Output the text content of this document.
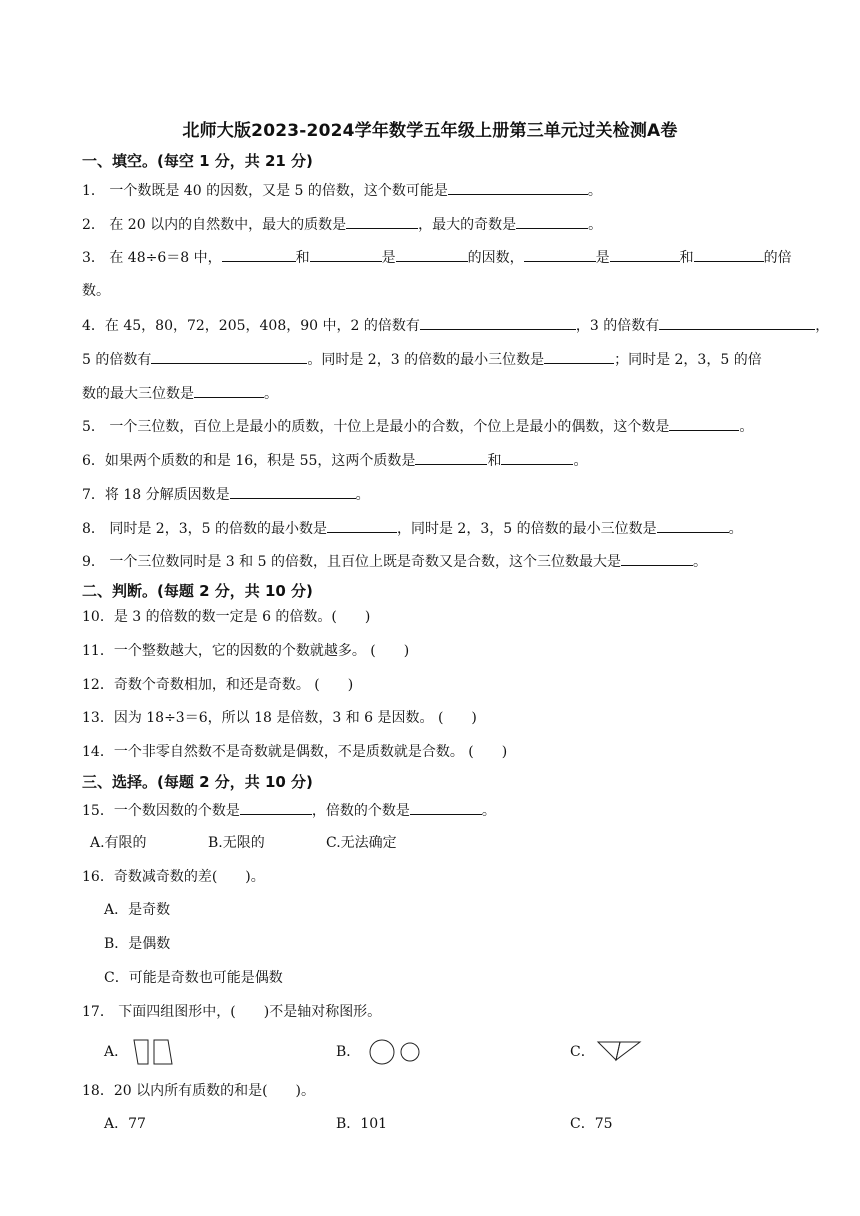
北师大版2023-2024学年数学五年级上册第三单元过关检测A卷
一、填空。(每空 1 分，共 21 分)
1． 一个数既是 40 的因数，又是 5 的倍数，这个数可能是	。
2． 在 20 以内的自然数中，最大的质数是	，最大的奇数是	。
3． 在 48÷6＝8 中，	和	是	的因数，	是	和	的倍
数。
4．在 45，80，72，205，408，90 中，2 的倍数有	，3 的倍数有	，
5 的倍数有	。同时是 2，3 的倍数的最小三位数是	；同时是 2，3，5 的倍
数的最大三位数是	。
5． 一个三位数，百位上是最小的质数，十位上是最小的合数，个位上是最小的偶数，这个数是	。
6．如果两个质数的和是 16，积是 55，这两个质数是	和	。
7．将 18 分解质因数是	。
8． 同时是 2，3，5 的倍数的最小数是	，同时是 2，3，5 的倍数的最小三位数是	。
9． 一个三位数同时是 3 和 5 的倍数，且百位上既是奇数又是合数，这个三位数最大是	。
二、判断。(每题 2 分，共 10 分)
10．是 3 的倍数的数一定是 6 的倍数。(　　)
11．一个整数越大，它的因数的个数就越多。 (　　)
12．奇数个奇数相加，和还是奇数。 (　　)
13．因为 18÷3＝6，所以 18 是倍数，3 和 6 是因数。 (　　)
14．一个非零自然数不是奇数就是偶数，不是质数就是合数。 (　　)
三、选择。(每题 2 分，共 10 分)
15．一个数因数的个数是	，倍数的个数是	。
A.有限的	B.无限的	C.无法确定
16．奇数减奇数的差(　　)。
A．是奇数
B．是偶数
C．可能是奇数也可能是偶数
17． 下面四组图形中，(　　)不是轴对称图形。
A．	B．	C．
18．20 以内所有质数的和是(　　)。
A．77	B．101	C．75
